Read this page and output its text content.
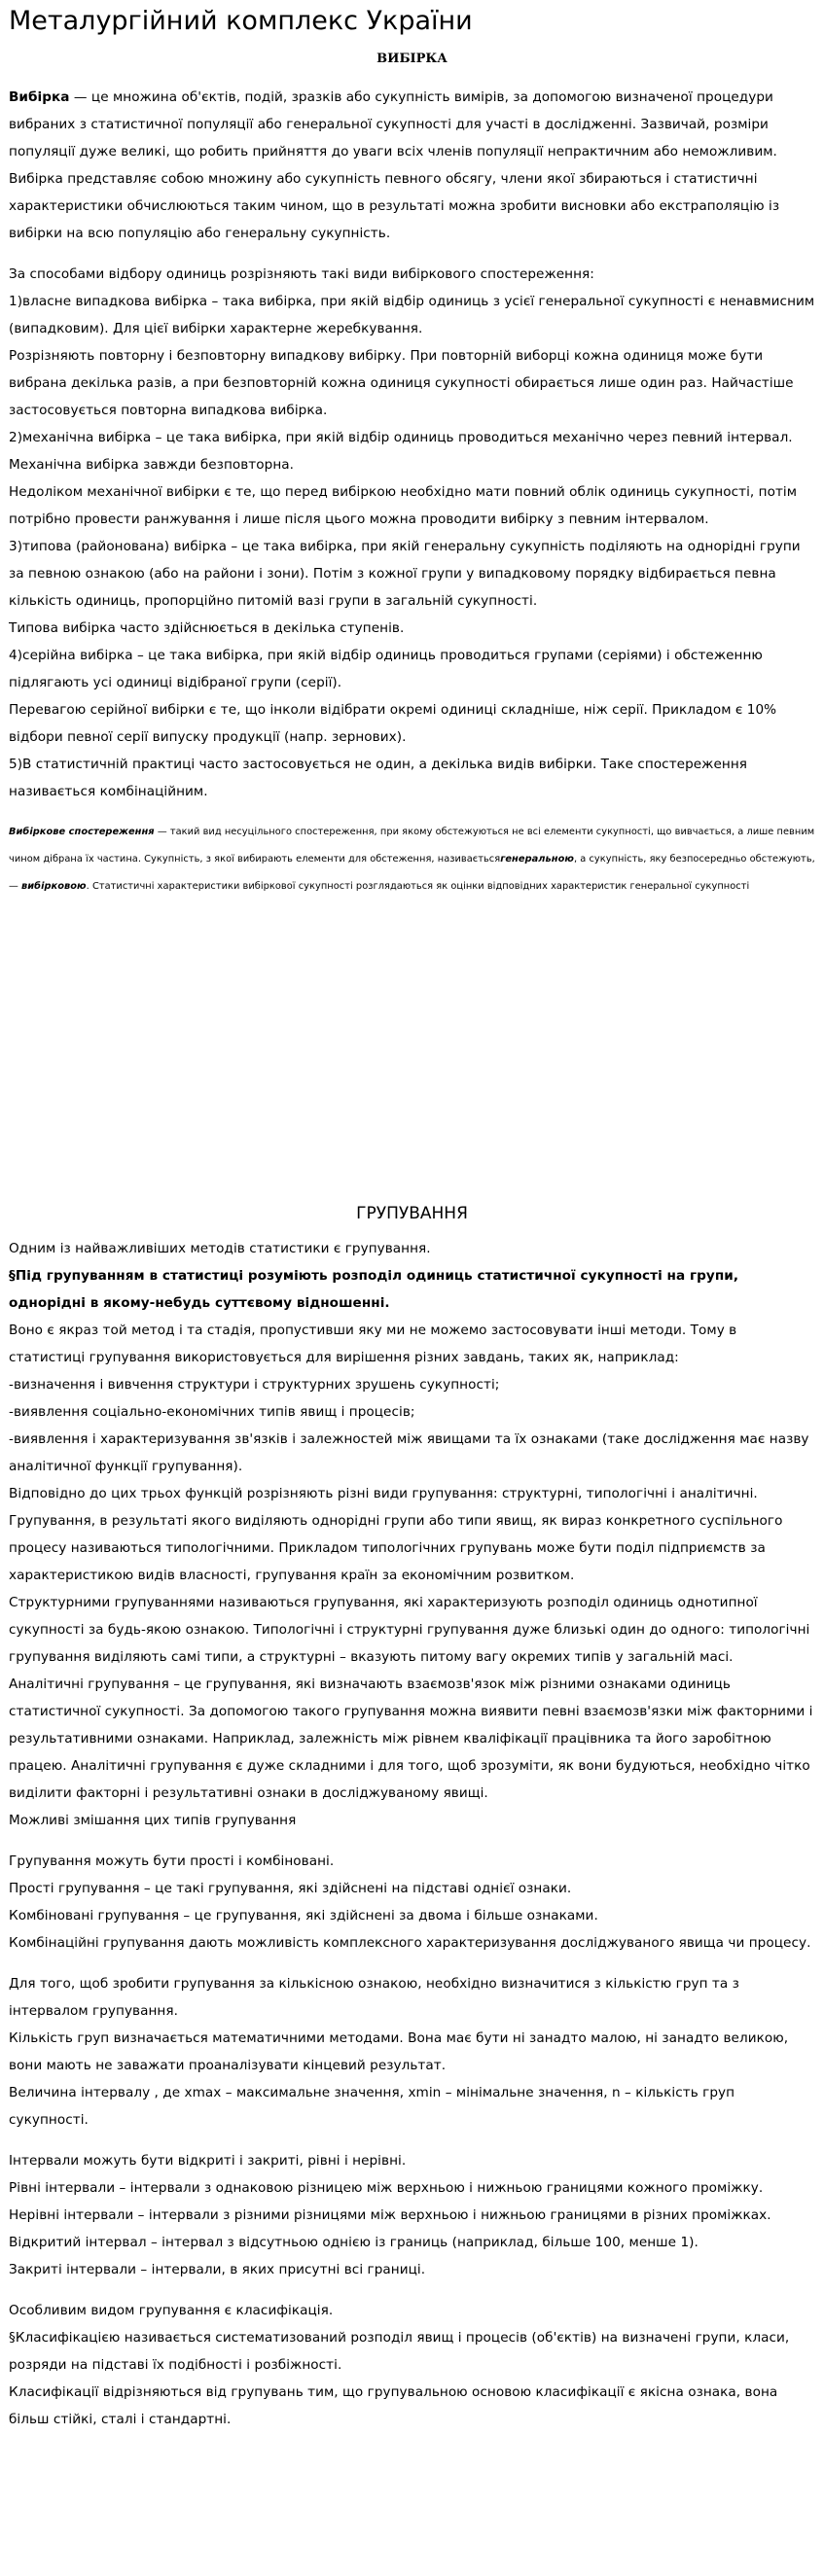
Металургійний комплекс України
ВИБІРКА

Вибірка — це множина об'єктів, подій, зразків або сукупність вимірів, за допомогою визначеної процедури вибраних з статистичної популяції або генеральної сукупності для участі в дослідженні. Зазвичай, розміри популяції дуже великі, що робить прийняття до уваги всіх членів популяції непрактичним або неможливим. Вибірка представляє собою множину або сукупність певного обсягу, члени якої збираються і статистичні характеристики обчислюються таким чином, що в результаті можна зробити висновки або екстраполяцію із вибірки на всю популяцію або генеральну сукупність.

За способами відбору одиниць розрізняють такі види вибіркового спостереження:

1)власне випадкова вибірка – така вибірка, при якій відбір одиниць з усієї генеральної сукупності є ненавмисним (випадковим). Для цієї вибірки характерне жеребкування.

Розрізняють повторну і безповторну випадкову вибірку. При повторній виборці кожна одиниця може бути вибрана декілька разів, а при безповторній кожна одиниця сукупності обирається лише один раз. Найчастіше застосовується повторна випадкова вибірка.

2)механічна вибірка – це така вибірка, при якій відбір одиниць проводиться механічно через певний інтервал. Механічна вибірка завжди безповторна.

Недоліком механічної вибірки є те, що перед вибіркою необхідно мати повний облік одиниць сукупності, потім потрібно провести ранжування і лише після цього можна проводити вибірку з певним інтервалом.

3)типова (районована) вибірка – це така вибірка, при якій генеральну сукупність поділяють на однорідні групи за певною ознакою (або на райони і зони). Потім з кожної групи у випадковому порядку відбирається певна кількість одиниць, пропорційно питомій вазі групи в загальній сукупності.

Типова вибірка часто здійснюється в декілька ступенів.

4)серійна вибірка – це така вибірка, при якій відбір одиниць проводиться групами (серіями) і обстеженню підлягають усі одиниці відібраної групи (серії).

Перевагою серійної вибірки є те, що інколи відібрати окремі одиниці складніше, ніж серії. Прикладом є 10% відбори певної серії випуску продукції (напр. зернових).

5)В статистичній практиці часто застосовується не один, а декілька видів вибірки. Таке спостереження називається комбінаційним.

Вибіркове спостереження — такий вид несуцільного спостереження, при якому обстежуються не всі елементи сукупності, що вивчається, а лише певним чином дібрана їх частина. Сукупність, з якої вибирають елементи для обстеження, називаєтьсягенеральною, а сукупність, яку безпосередньо обстежують, — вибірковою. Статистичні характеристики вибіркової сукупності розглядаються як оцінки відповідних характеристик генеральної сукупності

ГРУПУВАННЯ

Одним із найважливіших методів статистики є групування.

§Під групуванням в статистиці розуміють розподіл одиниць статистичної сукупності на групи, однорідні в якому-небудь суттєвому відношенні.

Воно є якраз той метод і та стадія, пропустивши яку ми не можемо застосовувати інші методи. Тому в статистиці групування використовується для вирішення різних завдань, таких як, наприклад:

-визначення і вивчення структури і структурних зрушень сукупності;

-виявлення соціально-економічних типів явищ і процесів;

-виявлення і характеризування зв'язків і залежностей між явищами та їх ознаками (таке дослідження має назву аналітичної функції групування).

Відповідно до цих трьох функцій розрізняють різні види групування: структурні, типологічні і аналітичні.

Групування, в результаті якого виділяють однорідні групи або типи явищ, як вираз конкретного суспільного процесу називаються типологічними. Прикладом типологічних групувань може бути поділ підприємств за характеристикою видів власності, групування країн за економічним розвитком.

Структурними групуваннями називаються групування, які характеризують розподіл одиниць однотипної сукупності за будь-якою ознакою. Типологічні і структурні групування дуже близькі один до одного: типологічні групування виділяють самі типи, а структурні – вказують питому вагу окремих типів у загальній масі.

Аналітичні групування – це групування, які визначають взаємозв'язок між різними ознаками одиниць статистичної сукупності. За допомогою такого групування можна виявити певні взаємозв'язки між факторними і результативними ознаками. Наприклад, залежність між рівнем кваліфікації працівника та його заробітною працею. Аналітичні групування є дуже складними і для того, щоб зрозуміти, як вони будуються, необхідно чітко виділити факторні і результативні ознаки в досліджуваному явищі.

Можливі змішання цих типів групування

Групування можуть бути прості і комбіновані.

Прості групування – це такі групування, які здійснені на підставі однієї ознаки.

Комбіновані групування – це групування, які здійснені за двома і більше ознаками.

Комбінаційні групування дають можливість комплексного характеризування досліджуваного явища чи процесу.

Для того, щоб зробити групування за кількісною ознакою, необхідно визначитися з кількістю груп та з інтервалом групування.

Кількість груп визначається математичними методами. Вона має бути ні занадто малою, ні занадто великою, вони мають не заважати проаналізувати кінцевий результат.

Величина інтервалу , де xmax – максимальне значення, xmin – мінімальне значення, n – кількість груп сукупності.

Інтервали можуть бути відкриті і закриті, рівні і нерівні.

Рівні інтервали – інтервали з однаковою різницею між верхньою і нижньою границями кожного проміжку.

Нерівні інтервали – інтервали з різними різницями між верхньою і нижньою границями в різних проміжках.

Відкритий інтервал – інтервал з відсутньою однією із границь (наприклад, більше 100, менше 1).

Закриті інтервали – інтервали, в яких присутні всі границі.

Особливим видом групування є класифікація.

§Класифікацією називається систематизований розподіл явищ і процесів (об'єктів) на визначені групи, класи, розряди на підставі їх подібності і розбіжності.

Класифікації відрізняються від групувань тим, що групувальною основою класифікації є якісна ознака, вона більш стійкі, сталі і стандартні.
